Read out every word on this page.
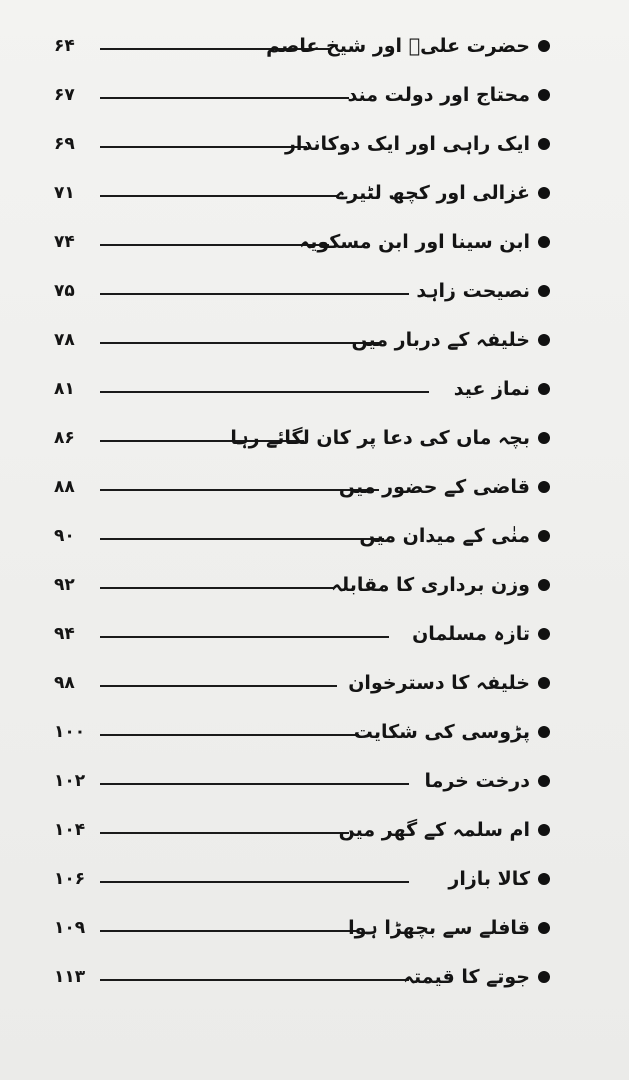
حضرت علیؑ اور شیخ عاصم
۶۴
محتاج اور دولت مند
۶۷
ایک راہی اور ایک دوکاندار
۶۹
غزالی اور کچھ لٹیرے
۷۱
ابن سینا اور ابن مسکویہ
۷۴
نصیحت زاہد
۷۵
خلیفہ کے دربار میں
۷۸
نماز عید
۸۱
بچہ ماں کی دعا پر کان لگائے رہا
۸۶
قاضی کے حضور میں
۸۸
منٰی کے میدان میں
۹۰
وزن برداری کا مقابلہ
۹۲
تازہ مسلمان
۹۴
خلیفہ کا دسترخوان
۹۸
پڑوسی کی شکایت
۱۰۰
درخت خرما
۱۰۲
ام سلمہ کے گھر میں
۱۰۴
کالا بازار
۱۰۶
قافلے سے بچھڑا ہوا
۱۰۹
جوتے کا قیمتہ
۱۱۳
